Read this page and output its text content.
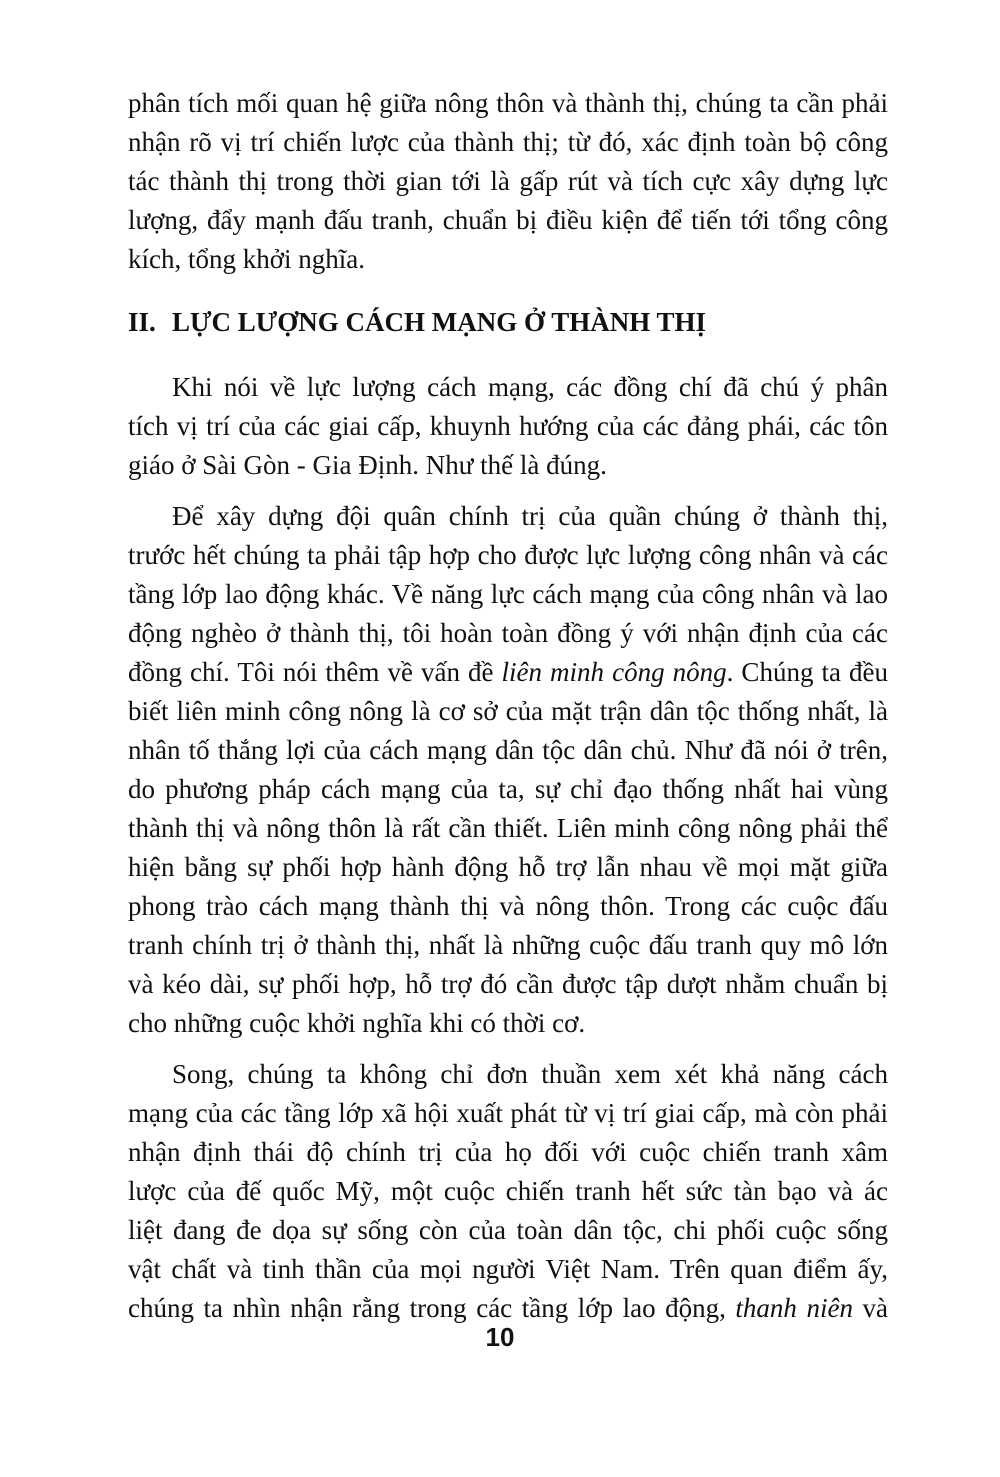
phân tích mối quan hệ giữa nông thôn và thành thị, chúng ta cần phải
nhận rõ vị trí chiến lược của thành thị; từ đó, xác định toàn bộ công
tác thành thị trong thời gian tới là gấp rút và tích cực xây dựng lực
lượng, đẩy mạnh đấu tranh, chuẩn bị điều kiện để tiến tới tổng công
kích, tổng khởi nghĩa.
II. LỰC LƯỢNG CÁCH MẠNG Ở THÀNH THỊ
Khi nói về lực lượng cách mạng, các đồng chí đã chú ý phân
tích vị trí của các giai cấp, khuynh hướng của các đảng phái, các tôn
giáo ở Sài Gòn - Gia Định. Như thế là đúng.
Để xây dựng đội quân chính trị của quần chúng ở thành thị,
trước hết chúng ta phải tập hợp cho được lực lượng công nhân và các
tầng lớp lao động khác. Về năng lực cách mạng của công nhân và lao
động nghèo ở thành thị, tôi hoàn toàn đồng ý với nhận định của các
đồng chí. Tôi nói thêm về vấn đề liên minh công nông. Chúng ta đều
biết liên minh công nông là cơ sở của mặt trận dân tộc thống nhất, là
nhân tố thắng lợi của cách mạng dân tộc dân chủ. Như đã nói ở trên,
do phương pháp cách mạng của ta, sự chỉ đạo thống nhất hai vùng
thành thị và nông thôn là rất cần thiết. Liên minh công nông phải thể
hiện bằng sự phối hợp hành động hỗ trợ lẫn nhau về mọi mặt giữa
phong trào cách mạng thành thị và nông thôn. Trong các cuộc đấu
tranh chính trị ở thành thị, nhất là những cuộc đấu tranh quy mô lớn
và kéo dài, sự phối hợp, hỗ trợ đó cần được tập dượt nhằm chuẩn bị
cho những cuộc khởi nghĩa khi có thời cơ.
Song, chúng ta không chỉ đơn thuần xem xét khả năng cách
mạng của các tầng lớp xã hội xuất phát từ vị trí giai cấp, mà còn phải
nhận định thái độ chính trị của họ đối với cuộc chiến tranh xâm
lược của đế quốc Mỹ, một cuộc chiến tranh hết sức tàn bạo và ác
liệt đang đe dọa sự sống còn của toàn dân tộc, chi phối cuộc sống
vật chất và tinh thần của mọi người Việt Nam. Trên quan điểm ấy,
chúng ta nhìn nhận rằng trong các tầng lớp lao động, thanh niên và
10
